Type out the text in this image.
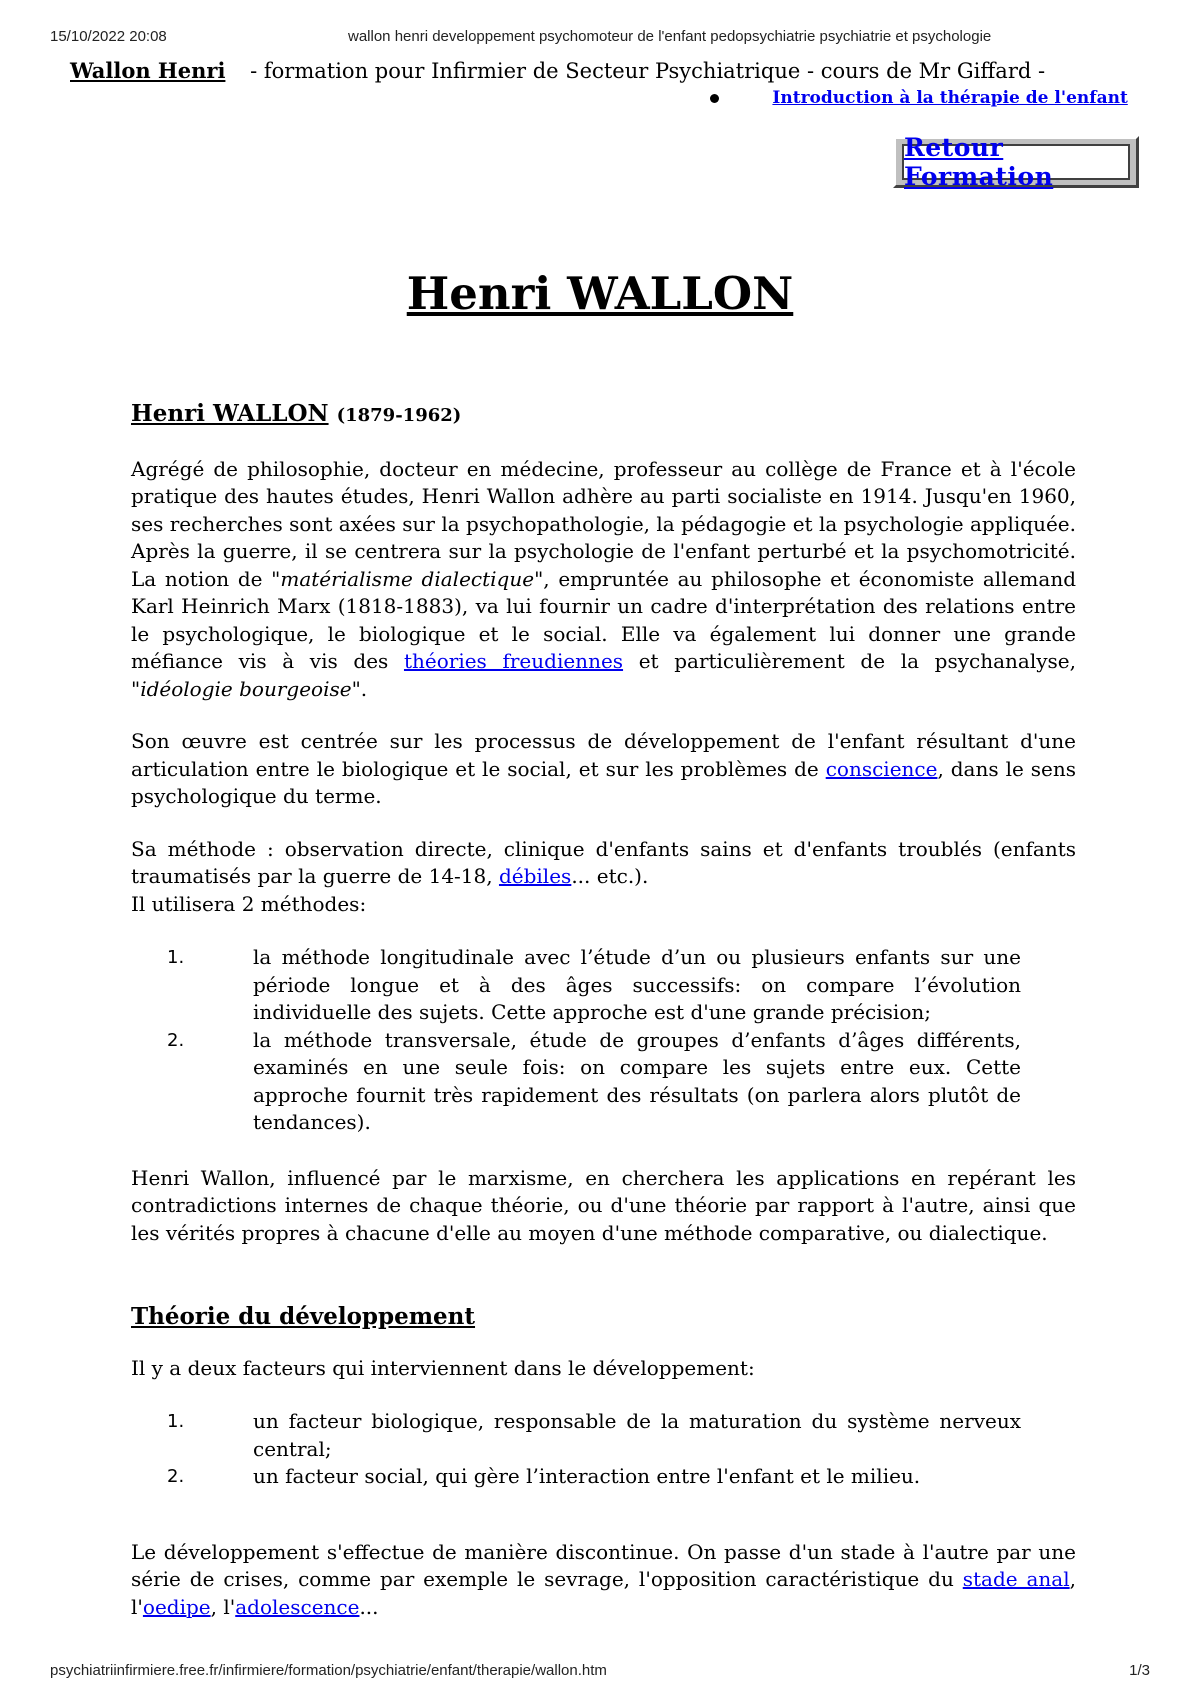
15/10/2022 20:08	wallon henri developpement psychomoteur de l'enfant pedopsychiatrie psychiatrie et psychologie
Wallon Henri - formation pour Infirmier de Secteur Psychiatrique - cours de Mr Giffard -
Introduction à la thérapie de l'enfant
Retour Formation
Henri WALLON
Henri WALLON (1879-1962)

Agrégé de philosophie, docteur en médecine, professeur au collège de France et à l'école pratique des hautes études, Henri Wallon adhère au parti socialiste en 1914. Jusqu'en 1960, ses recherches sont axées sur la psychopathologie, la pédagogie et la psychologie appliquée. Après la guerre, il se centrera sur la psychologie de l'enfant perturbé et la psychomotricité. La notion de "matérialisme dialectique", empruntée au philosophe et économiste allemand Karl Heinrich Marx (1818-1883), va lui fournir un cadre d'interprétation des relations entre le psychologique, le biologique et le social. Elle va également lui donner une grande méfiance vis à vis des théories freudiennes et particulièrement de la psychanalyse, "idéologie bourgeoise".

Son œuvre est centrée sur les processus de développement de l'enfant résultant d'une articulation entre le biologique et le social, et sur les problèmes de conscience, dans le sens psychologique du terme.

Sa méthode : observation directe, clinique d'enfants sains et d'enfants troublés (enfants traumatisés par la guerre de 14-18, débiles... etc.).
Il utilisera 2 méthodes:

1.	la méthode longitudinale avec l’étude d’un ou plusieurs enfants sur une période longue et à des âges successifs: on compare l’évolution individuelle des sujets. Cette approche est d'une grande précision;
2.	la méthode transversale, étude de groupes d’enfants d’âges différents, examinés en une seule fois: on compare les sujets entre eux. Cette approche fournit très rapidement des résultats (on parlera alors plutôt de tendances).

Henri Wallon, influencé par le marxisme, en cherchera les applications en repérant les contradictions internes de chaque théorie, ou d'une théorie par rapport à l'autre, ainsi que les vérités propres à chacune d'elle au moyen d'une méthode comparative, ou dialectique.

Théorie du développement

Il y a deux facteurs qui interviennent dans le développement:

1.	un facteur biologique, responsable de la maturation du système nerveux central;
2.	un facteur social, qui gère l’interaction entre l'enfant et le milieu.

Le développement s'effectue de manière discontinue. On passe d'un stade à l'autre par une série de crises, comme par exemple le sevrage, l'opposition caractéristique du stade anal, l'oedipe, l'adolescence...

psychiatriinfirmiere.free.fr/infirmiere/formation/psychiatrie/enfant/therapie/wallon.htm	1/3
